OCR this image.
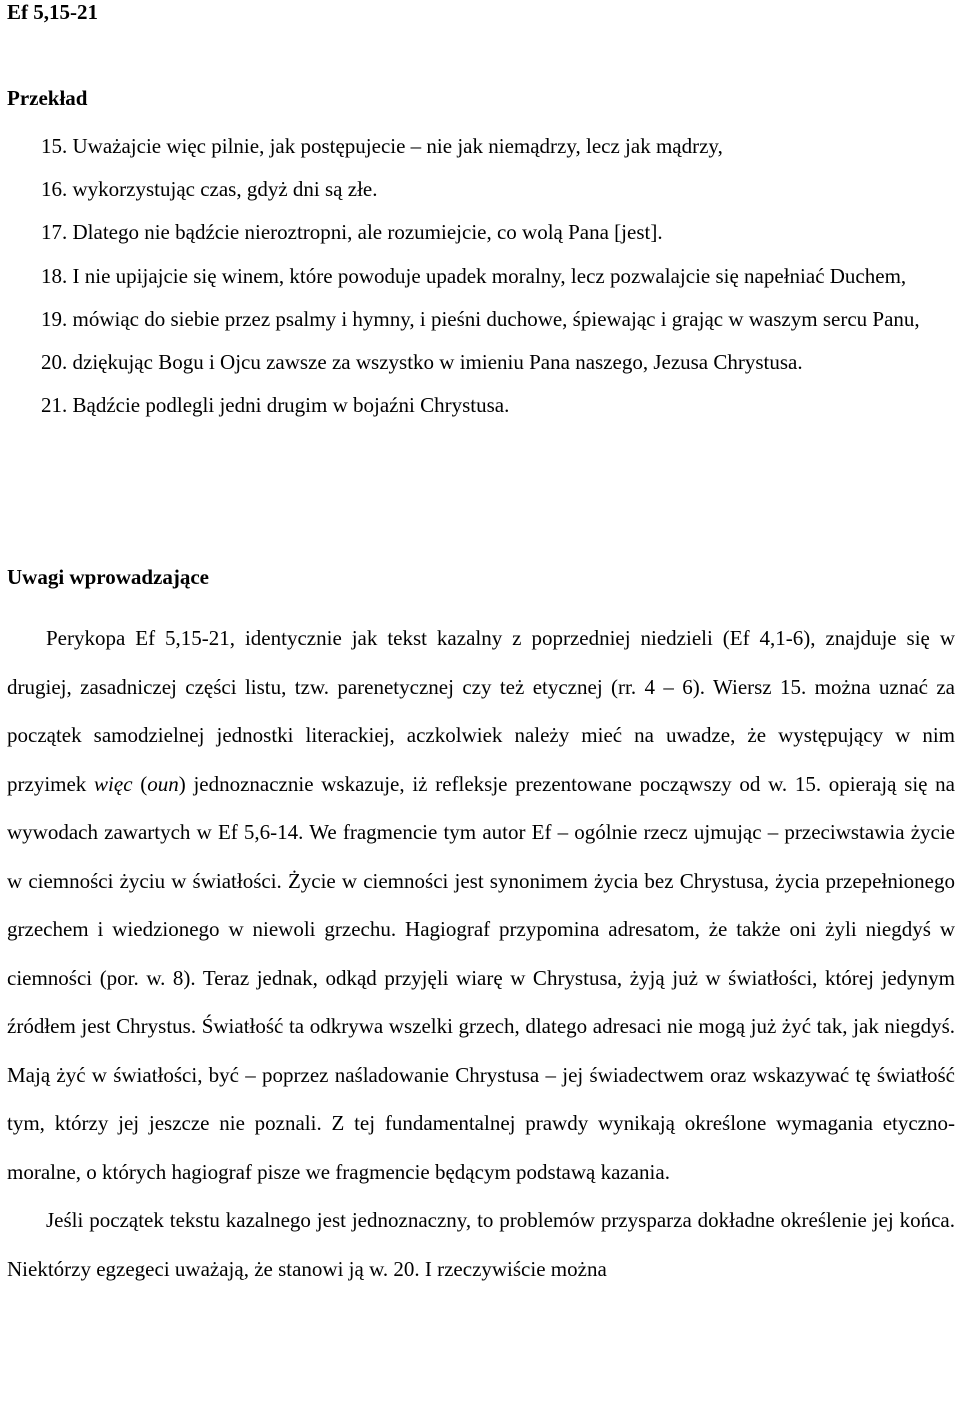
Ef 5,15-21
Przekład

15. Uważajcie więc pilnie, jak postępujecie – nie jak niemądrzy, lecz jak mądrzy,

16. wykorzystując czas, gdyż dni są złe.

17. Dlatego nie bądźcie nieroztropni, ale rozumiejcie, co wolą Pana [jest].

18. I nie upijajcie się winem, które powoduje upadek moralny, lecz pozwalajcie się napełniać Duchem,

19. mówiąc do siebie przez psalmy i hymny, i pieśni duchowe, śpiewając i grając w waszym sercu Panu,

20. dziękując Bogu i Ojcu zawsze za wszystko w imieniu Pana naszego, Jezusa Chrystusa.

21. Bądźcie podlegli jedni drugim w bojaźni Chrystusa.

Uwagi wprowadzające

Perykopa Ef 5,15-21, identycznie jak tekst kazalny z poprzedniej niedzieli (Ef 4,1-6), znajduje się w drugiej, zasadniczej części listu, tzw. parenetycznej czy też etycznej (rr. 4 – 6). Wiersz 15. można uznać za początek samodzielnej jednostki literackiej, aczkolwiek należy mieć na uwadze, że występujący w nim przyimek więc (oun) jednoznacznie wskazuje, iż refleksje prezentowane począwszy od w. 15. opierają się na wywodach zawartych w Ef 5,6-14. We fragmencie tym autor Ef – ogólnie rzecz ujmując – przeciwstawia życie w ciemności życiu w światłości. Życie w ciemności jest synonimem życia bez Chrystusa, życia przepełnionego grzechem i wiedzionego w niewoli grzechu. Hagiograf przypomina adresatom, że także oni żyli niegdyś w ciemności (por. w. 8). Teraz jednak, odkąd przyjęli wiarę w Chrystusa, żyją już w światłości, której jedynym źródłem jest Chrystus. Światłość ta odkrywa wszelki grzech, dlatego adresaci nie mogą już żyć tak, jak niegdyś. Mają żyć w światłości, być – poprzez naśladowanie Chrystusa – jej świadectwem oraz wskazywać tę światłość tym, którzy jej jeszcze nie poznali. Z tej fundamentalnej prawdy wynikają określone wymagania etyczno-moralne, o których hagiograf pisze we fragmencie będącym podstawą kazania.

Jeśli początek tekstu kazalnego jest jednoznaczny, to problemów przysparza dokładne określenie jej końca. Niektórzy egzegeci uważają, że stanowi ją w. 20. I rzeczywiście można
